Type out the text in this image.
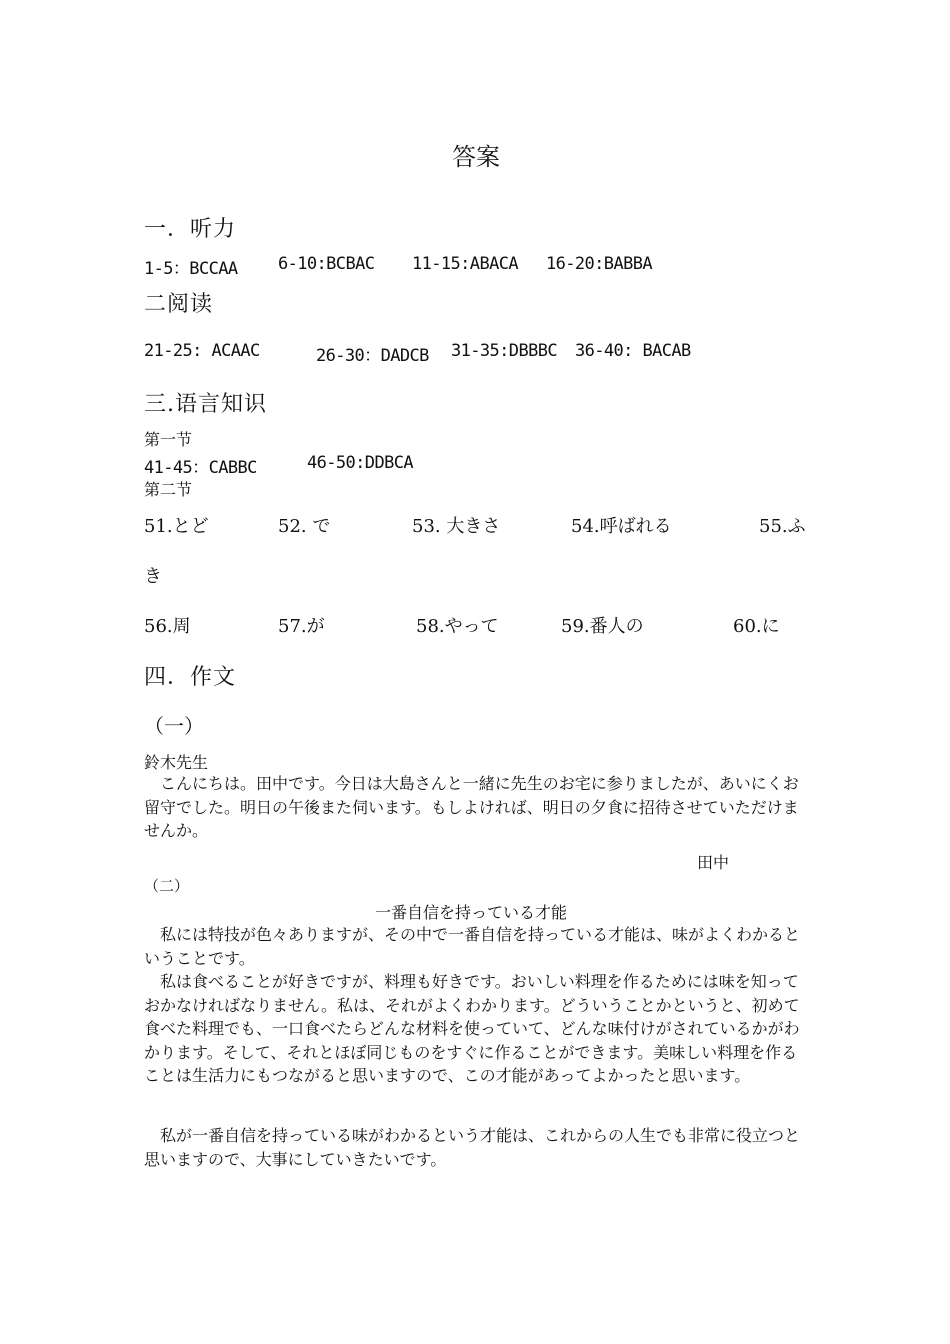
答案
一．听力
1-5：BCCAA 6-10:BCBAC 11-15:ABACA 16-20:BABBA
二阅读
21-25: ACAAC	26-30：DADCB 31-35:DBBBC 36-40: BACAB
三.语言知识
第一节
41-45：CABBC	46-50:DDBCA
第二节
51.とど	52. で	53. 大きさ	54.呼ばれる	55.ふ
き
56.周	57.が	58.やって	59.番人の	60.に
四．作文
（一）
鈴木先生
こんにちは。田中です。今日は大島さんと一緒に先生のお宅に参りましたが、あいにくお留守でした。明日の午後また伺います。もしよければ、明日の夕食に招待させていただけませんか。
田中
（二）
一番自信を持っている才能
私には特技が色々ありますが、その中で一番自信を持っている才能は、味がよくわかるということです。
私は食べることが好きですが、料理も好きです。おいしい料理を作るためには味を知っておかなければなりません。私は、それがよくわかります。どういうことかというと、初めて食べた料理でも、一口食べたらどんな材料を使っていて、どんな味付けがされているかがわかります。そして、それとほぼ同じものをすぐに作ることができます。美味しい料理を作ることは生活力にもつながると思いますので、この才能があってよかったと思います。
私が一番自信を持っている味がわかるという才能は、これからの人生でも非常に役立つと思いますので、大事にしていきたいです。
